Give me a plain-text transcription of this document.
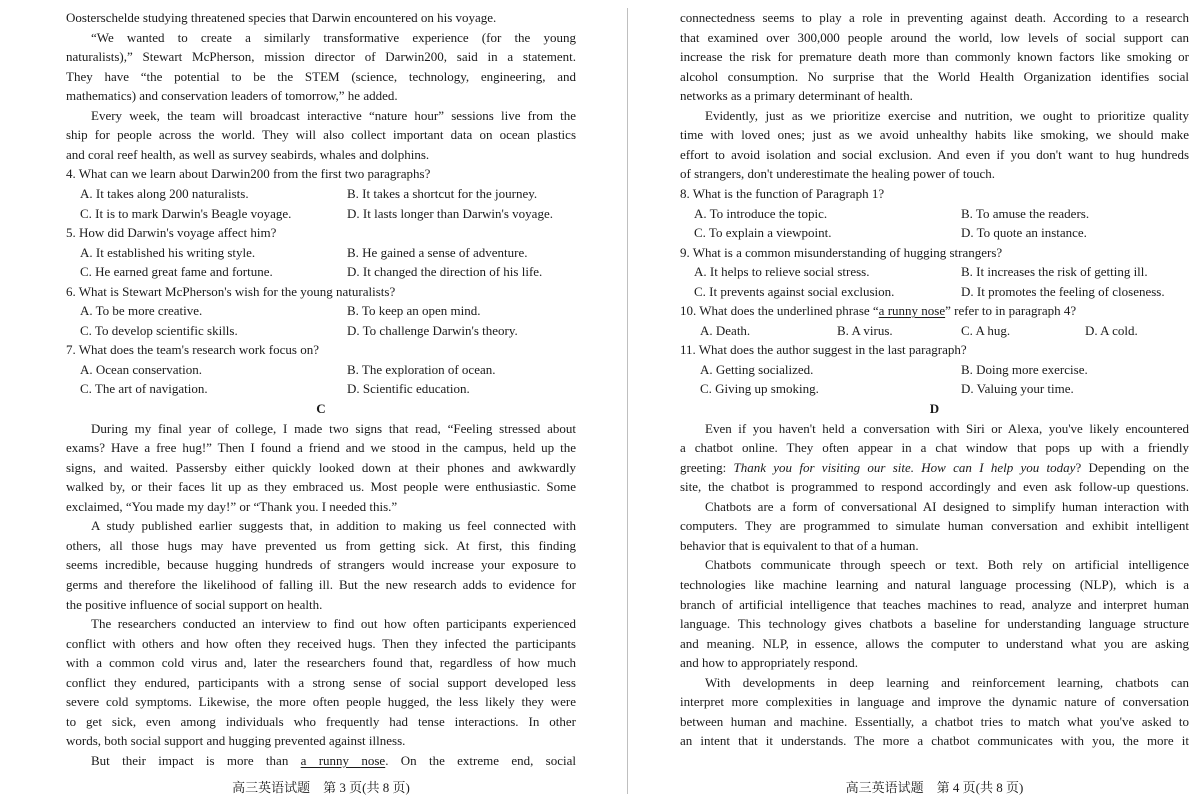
Oosterschelde studying threatened species that Darwin encountered on his voyage.
“We wanted to create a similarly transformative experience (for the young
naturalists),” Stewart McPherson, mission director of Darwin200, said in a statement.
They have “the potential to be the STEM (science, technology, engineering, and
mathematics) and conservation leaders of tomorrow,” he added.
Every week, the team will broadcast interactive “nature hour” sessions live from the
ship for people across the world. They will also collect important data on ocean plastics
and coral reef health, as well as survey seabirds, whales and dolphins.
4. What can we learn about Darwin200 from the first two paragraphs?
A. It takes along 200 naturalists.	B. It takes a shortcut for the journey.
C. It is to mark Darwin's Beagle voyage.	D. It lasts longer than Darwin's voyage.
5. How did Darwin's voyage affect him?
A. It established his writing style.	B. He gained a sense of adventure.
C. He earned great fame and fortune.	D. It changed the direction of his life.
6. What is Stewart McPherson's wish for the young naturalists?
A. To be more creative.	B. To keep an open mind.
C. To develop scientific skills.	D. To challenge Darwin's theory.
7. What does the team's research work focus on?
A. Ocean conservation.	B. The exploration of ocean.
C. The art of navigation.	D. Scientific education.
C
During my final year of college, I made two signs that read, “Feeling stressed about
exams? Have a free hug!” Then I found a friend and we stood in the campus, held up the
signs, and waited. Passersby either quickly looked down at their phones and awkwardly
walked by, or their faces lit up as they embraced us. Most people were enthusiastic. Some
exclaimed, “You made my day!” or “Thank you. I needed this.”
A study published earlier suggests that, in addition to making us feel connected with
others, all those hugs may have prevented us from getting sick. At first, this finding
seems incredible, because hugging hundreds of strangers would increase your exposure to
germs and therefore the likelihood of falling ill. But the new research adds to evidence for
the positive influence of social support on health.
The researchers conducted an interview to find out how often participants experienced
conflict with others and how often they received hugs. Then they infected the participants
with a common cold virus and, later the researchers found that, regardless of how much
conflict they endured, participants with a strong sense of social support developed less
severe cold symptoms. Likewise, the more often people hugged, the less likely they were
to get sick, even among individuals who frequently had tense interactions. In other
words, both social support and hugging prevented against illness.
But their impact is more than a runny nose. On the extreme end, social
高三英语试题　第 3 页(共 8 页)
connectedness seems to play a role in preventing against death. According to a research
that examined over 300,000 people around the world, low levels of social support can
increase the risk for premature death more than commonly known factors like smoking or
alcohol consumption. No surprise that the World Health Organization identifies social
networks as a primary determinant of health.
Evidently, just as we prioritize exercise and nutrition, we ought to prioritize quality
time with loved ones; just as we avoid unhealthy habits like smoking, we should make
effort to avoid isolation and social exclusion. And even if you don't want to hug hundreds
of strangers, don't underestimate the healing power of touch.
8. What is the function of Paragraph 1?
A. To introduce the topic.	B. To amuse the readers.
C. To explain a viewpoint.	D. To quote an instance.
9. What is a common misunderstanding of hugging strangers?
A. It helps to relieve social stress.	B. It increases the risk of getting ill.
C. It prevents against social exclusion.	D. It promotes the feeling of closeness.
10. What does the underlined phrase “a runny nose” refer to in paragraph 4?
A. Death.	B. A virus.	C. A hug.	D. A cold.
11. What does the author suggest in the last paragraph?
A. Getting socialized.	B. Doing more exercise.
C. Giving up smoking.	D. Valuing your time.
D
Even if you haven't held a conversation with Siri or Alexa, you've likely encountered
a chatbot online. They often appear in a chat window that pops up with a friendly
greeting: Thank you for visiting our site. How can I help you today? Depending on the
site, the chatbot is programmed to respond accordingly and even ask follow-up questions.
Chatbots are a form of conversational AI designed to simplify human interaction with
computers. They are programmed to simulate human conversation and exhibit intelligent
behavior that is equivalent to that of a human.
Chatbots communicate through speech or text. Both rely on artificial intelligence
technologies like machine learning and natural language processing (NLP), which is a
branch of artificial intelligence that teaches machines to read, analyze and interpret human
language. This technology gives chatbots a baseline for understanding language structure
and meaning. NLP, in essence, allows the computer to understand what you are asking
and how to appropriately respond.
With developments in deep learning and reinforcement learning, chatbots can
interpret more complexities in language and improve the dynamic nature of conversation
between human and machine. Essentially, a chatbot tries to match what you've asked to
an intent that it understands. The more a chatbot communicates with you, the more it
高三英语试题　第 4 页(共 8 页)
